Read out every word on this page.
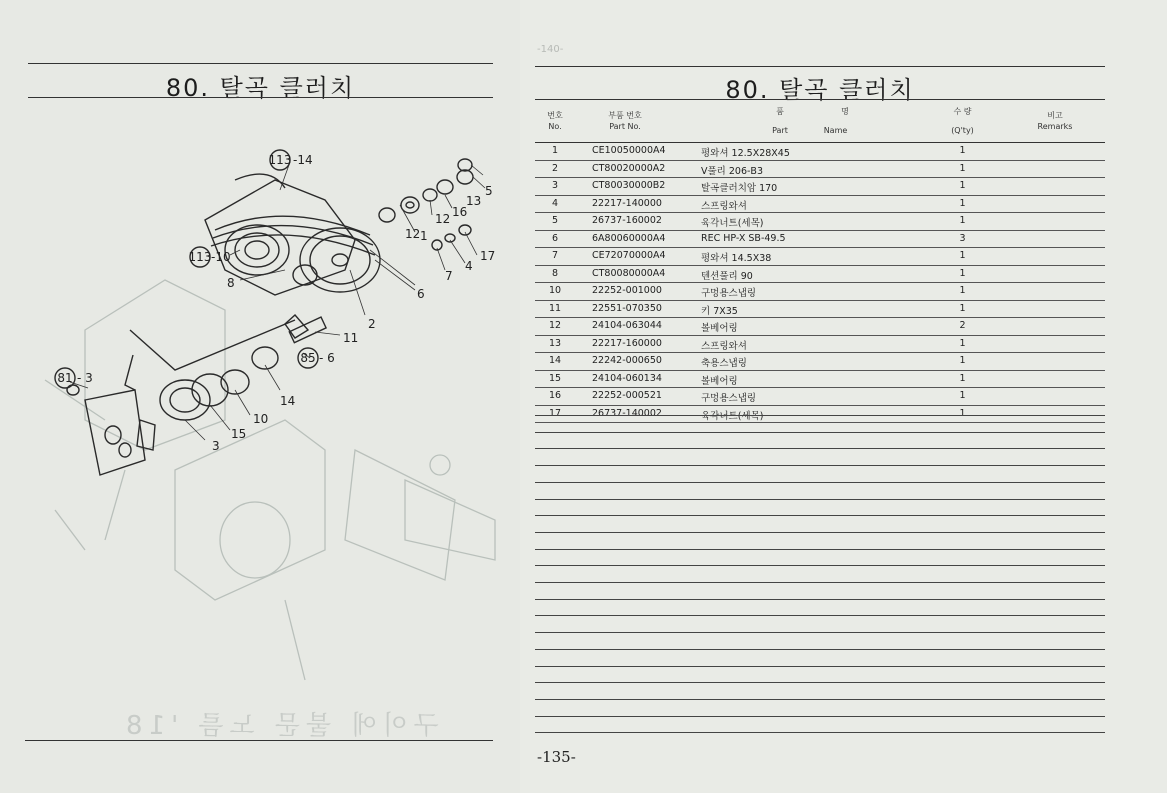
80. 탈곡 클러치
구이에 불문 노름 '18
113 -14
113 -10
81 - 3
85 - 6
1
2
3
4
5
6
7
8
10
11
12
12
13
14
15
16
17
-140-
80. 탈곡 클러치
번호
No.
부품 번호
Part No.
품	명
Part	Name
수 량
(Q'ty)
비고
Remarks
1	CE10050000A4	평와셔 12.5X28X45	1
2	CT80020000A2	V풀리 206-B3	1
3	CT80030000B2	탈곡클러치암 170	1
4	22217-140000	스프링와셔	1
5	26737-160002	육각너트(세목)	1
6	6A80060000A4	REC HP-X SB-49.5	3
7	CE72070000A4	평와셔 14.5X38	1
8	CT80080000A4	텐션풀리 90	1
10	22252-001000	구멍용스냅링	1
11	22551-070350	키 7X35	1
12	24104-063044	볼베어링	2
13	22217-160000	스프링와셔	1
14	22242-000650	축용스냅링	1
15	24104-060134	볼베어링	1
16	22252-000521	구멍용스냅링	1
17	26737-140002	육각너트(세목)	1
-135-
